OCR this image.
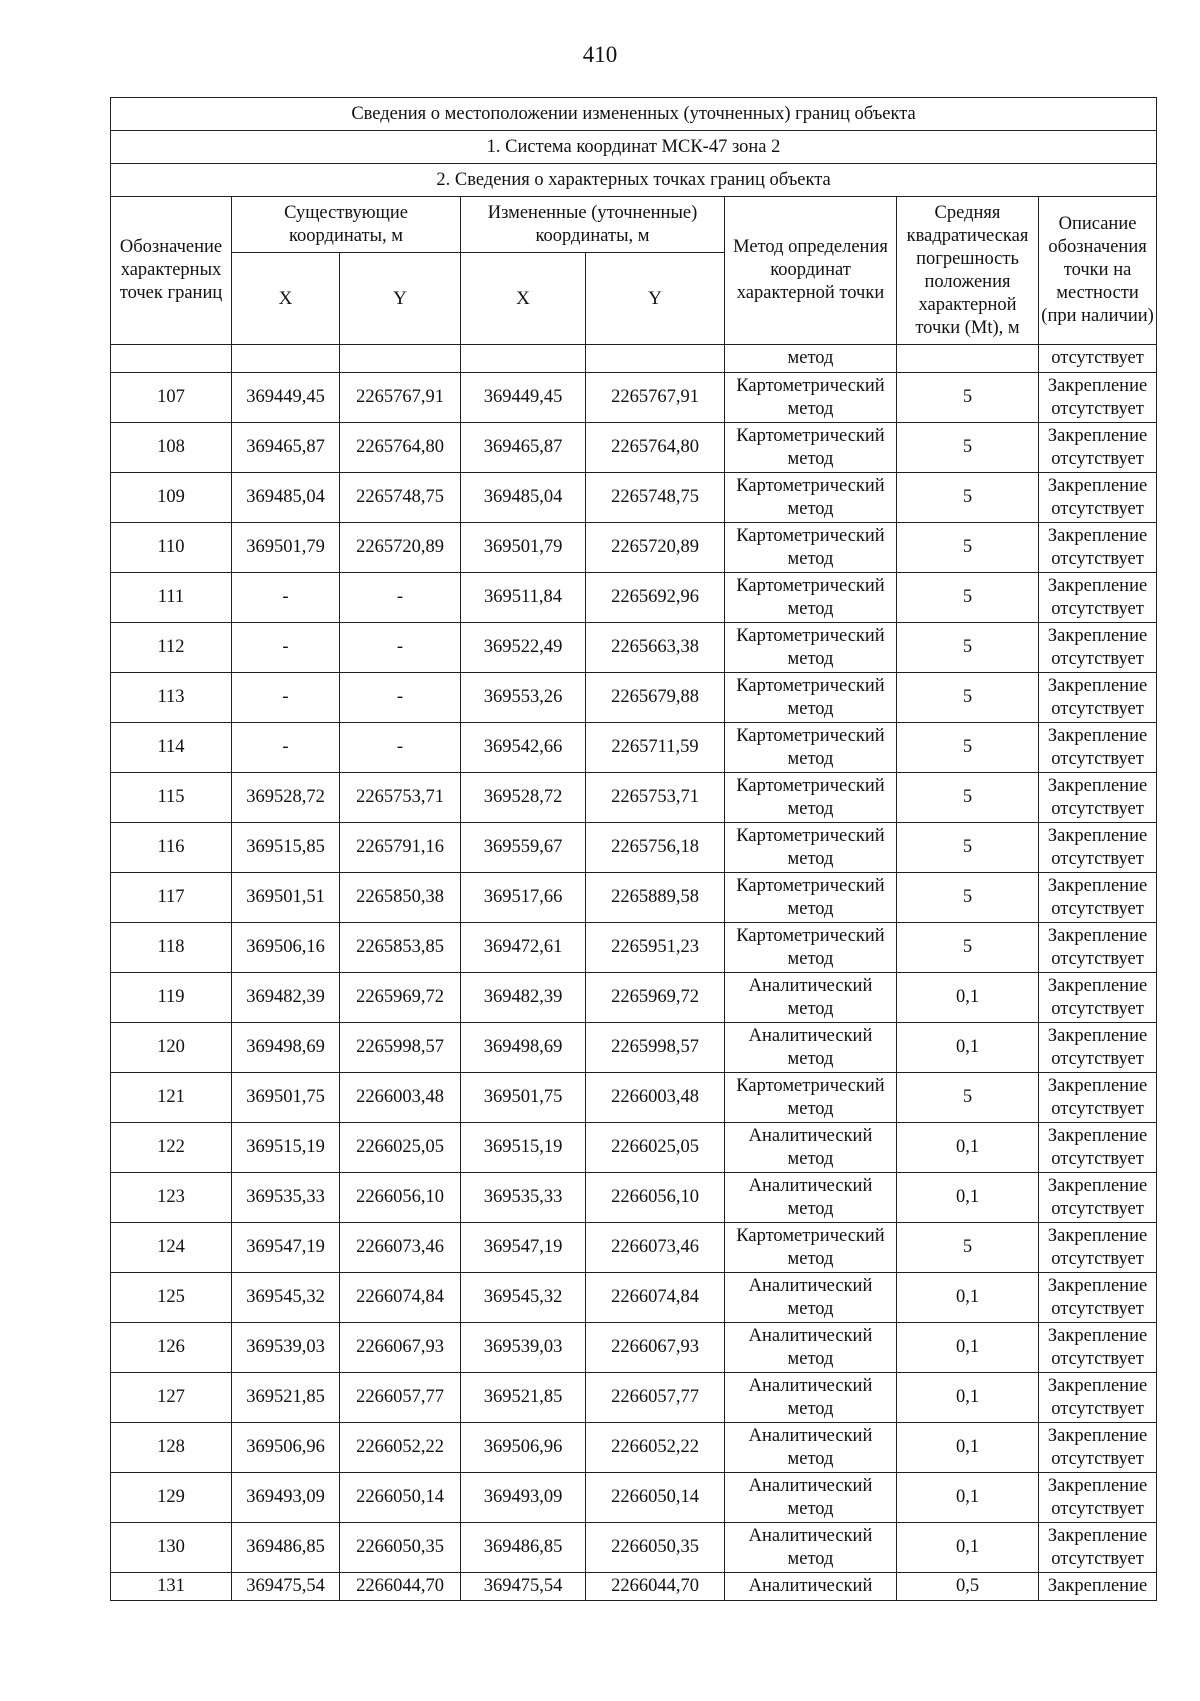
410
Сведения о местоположении измененных (уточненных) границ объекта							
1. Система координат МСК-47 зона 2							
2. Сведения о характерных точках границ объекта							
Обозначение характерных точек границ	Существующие координаты, м		Измененные (уточненные) координаты, м		Метод определения координат характерной точки	Средняя квадратическая погрешность положения характерной точки (Mt), м	Описание обозначения точки на местности (при наличии)
	X	Y	X	Y			
					метод		отсутствует
107	369449,45	2265767,91	369449,45	2265767,91	Картометрический метод	5	Закрепление отсутствует
108	369465,87	2265764,80	369465,87	2265764,80	Картометрический метод	5	Закрепление отсутствует
109	369485,04	2265748,75	369485,04	2265748,75	Картометрический метод	5	Закрепление отсутствует
110	369501,79	2265720,89	369501,79	2265720,89	Картометрический метод	5	Закрепление отсутствует
111	-	-	369511,84	2265692,96	Картометрический метод	5	Закрепление отсутствует
112	-	-	369522,49	2265663,38	Картометрический метод	5	Закрепление отсутствует
113	-	-	369553,26	2265679,88	Картометрический метод	5	Закрепление отсутствует
114	-	-	369542,66	2265711,59	Картометрический метод	5	Закрепление отсутствует
115	369528,72	2265753,71	369528,72	2265753,71	Картометрический метод	5	Закрепление отсутствует
116	369515,85	2265791,16	369559,67	2265756,18	Картометрический метод	5	Закрепление отсутствует
117	369501,51	2265850,38	369517,66	2265889,58	Картометрический метод	5	Закрепление отсутствует
118	369506,16	2265853,85	369472,61	2265951,23	Картометрический метод	5	Закрепление отсутствует
119	369482,39	2265969,72	369482,39	2265969,72	Аналитический метод	0,1	Закрепление отсутствует
120	369498,69	2265998,57	369498,69	2265998,57	Аналитический метод	0,1	Закрепление отсутствует
121	369501,75	2266003,48	369501,75	2266003,48	Картометрический метод	5	Закрепление отсутствует
122	369515,19	2266025,05	369515,19	2266025,05	Аналитический метод	0,1	Закрепление отсутствует
123	369535,33	2266056,10	369535,33	2266056,10	Аналитический метод	0,1	Закрепление отсутствует
124	369547,19	2266073,46	369547,19	2266073,46	Картометрический метод	5	Закрепление отсутствует
125	369545,32	2266074,84	369545,32	2266074,84	Аналитический метод	0,1	Закрепление отсутствует
126	369539,03	2266067,93	369539,03	2266067,93	Аналитический метод	0,1	Закрепление отсутствует
127	369521,85	2266057,77	369521,85	2266057,77	Аналитический метод	0,1	Закрепление отсутствует
128	369506,96	2266052,22	369506,96	2266052,22	Аналитический метод	0,1	Закрепление отсутствует
129	369493,09	2266050,14	369493,09	2266050,14	Аналитический метод	0,1	Закрепление отсутствует
130	369486,85	2266050,35	369486,85	2266050,35	Аналитический метод	0,1	Закрепление отсутствует
131	369475,54	2266044,70	369475,54	2266044,70	Аналитический	0,5	Закрепление
